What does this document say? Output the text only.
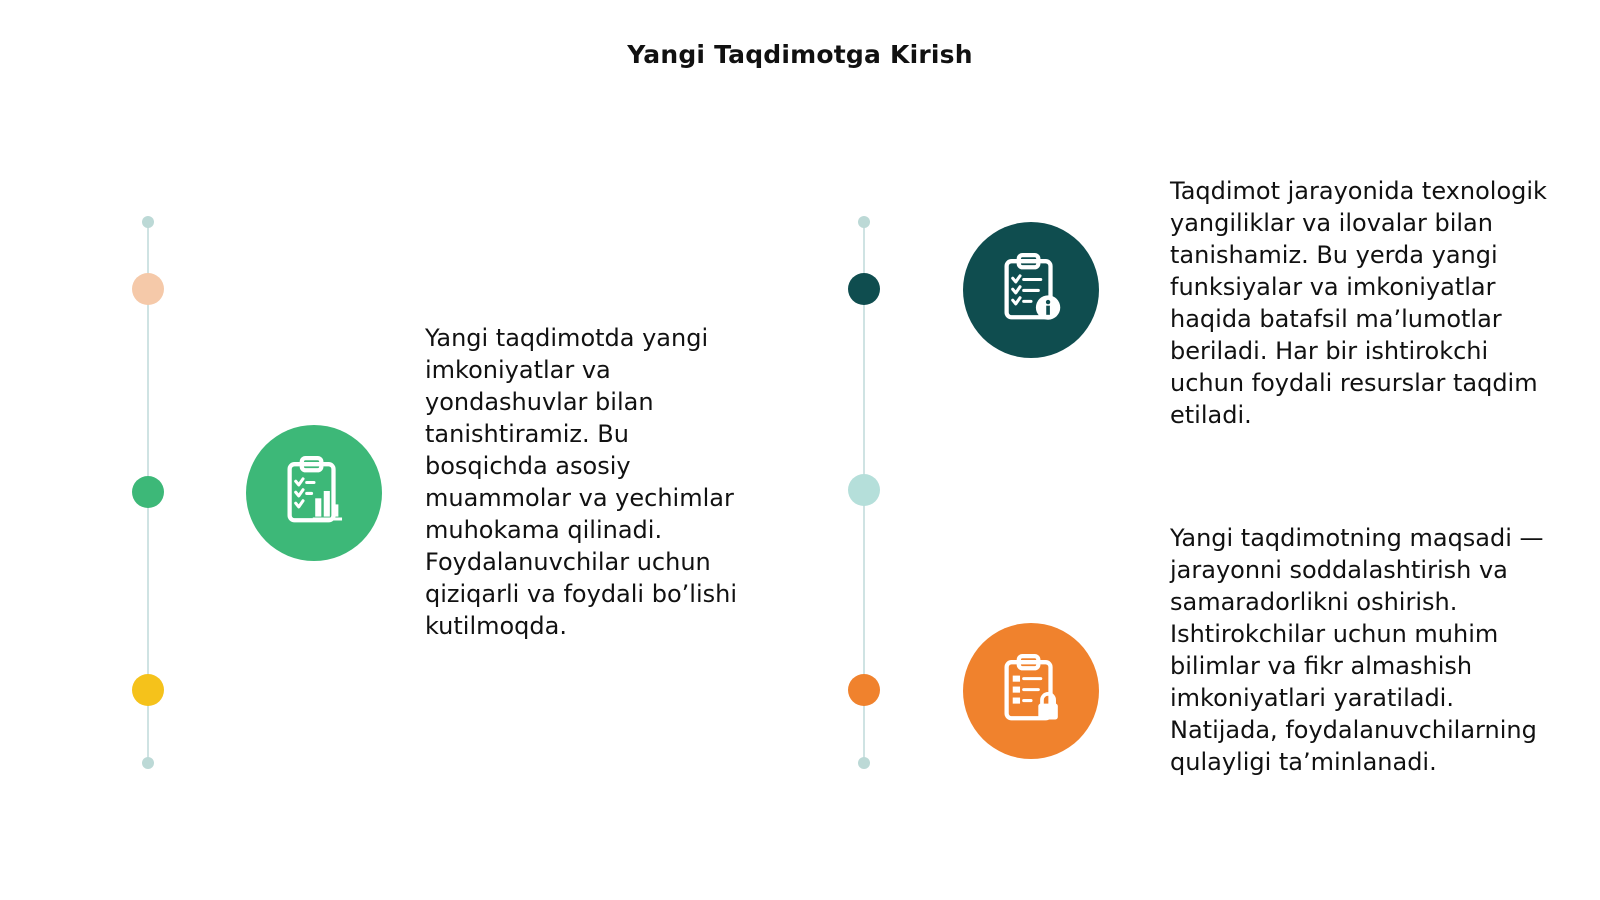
Yangi Taqdimotga Kirish

Yangi taqdimotda yangi imkoniyatlar va yondashuvlar bilan tanishtiramiz. Bu bosqichda asosiy muammolar va yechimlar muhokama qilinadi. Foydalanuvchilar uchun qiziqarli va foydali bo’lishi kutilmoqda.

Taqdimot jarayonida texnologik yangiliklar va ilovalar bilan tanishamiz. Bu yerda yangi funksiyalar va imkoniyatlar haqida batafsil ma’lumotlar beriladi. Har bir ishtirokchi uchun foydali resurslar taqdim etiladi.

Yangi taqdimotning maqsadi — jarayonni soddalashtirish va samaradorlikni oshirish. Ishtirokchilar uchun muhim bilimlar va fikr almashish imkoniyatlari yaratiladi. Natijada, foydalanuvchilarning qulayligi ta’minlanadi.
